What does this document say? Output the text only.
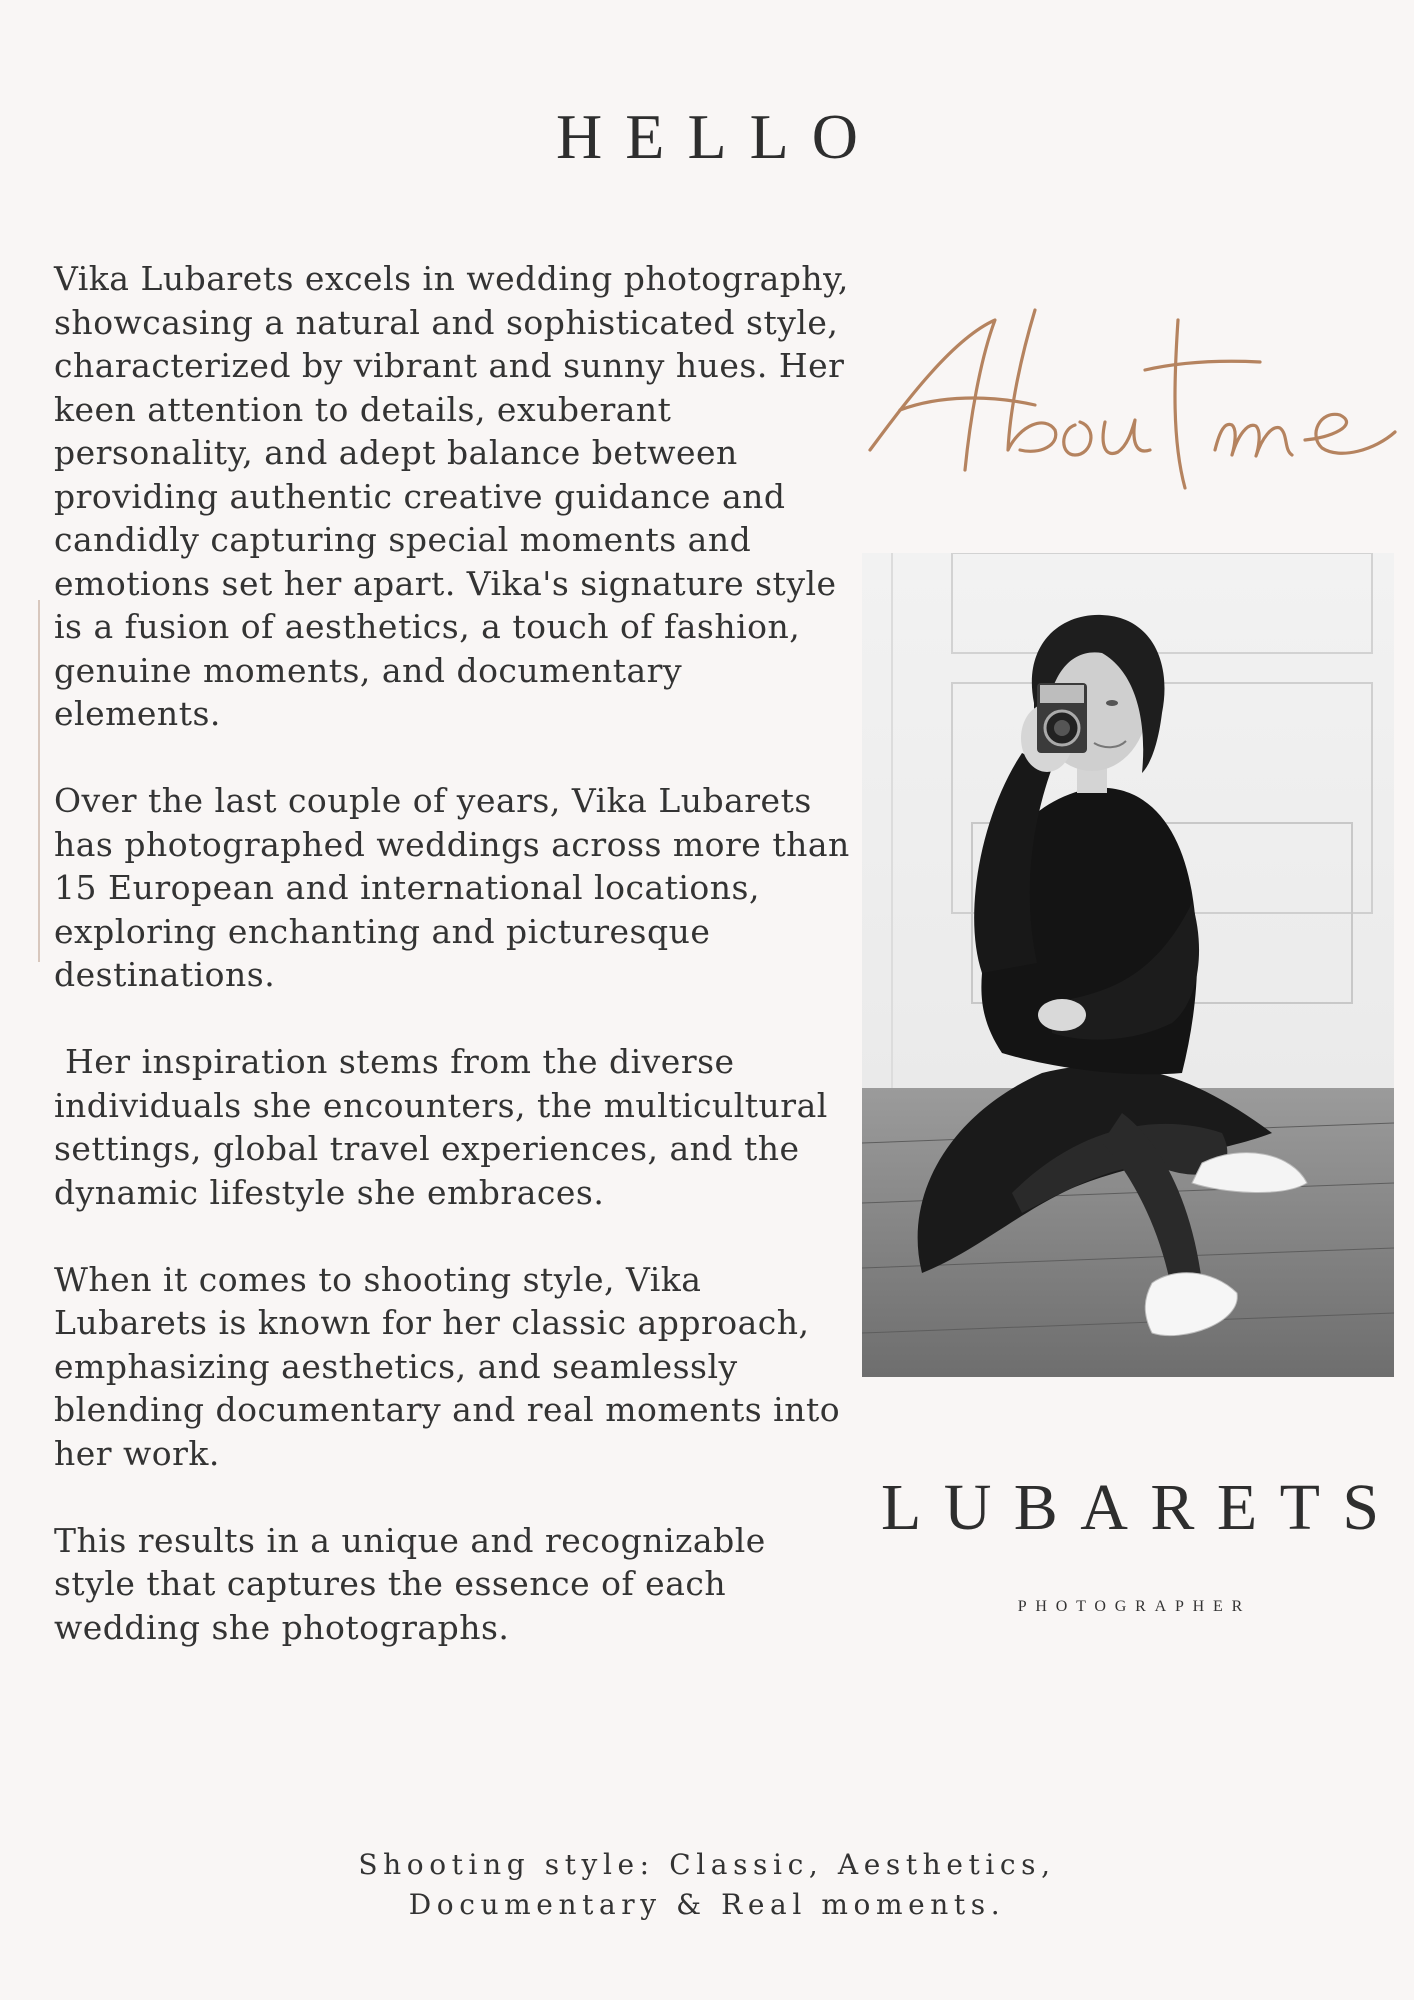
HELLO

Vika Lubarets excels in wedding photography, showcasing a natural and sophisticated style, characterized by vibrant and sunny hues. Her keen attention to details, exuberant personality, and adept balance between providing authentic creative guidance and candidly capturing special moments and emotions set her apart. Vika's signature style is a fusion of aesthetics, a touch of fashion, genuine moments, and documentary elements.

Over the last couple of years, Vika Lubarets has photographed weddings across more than 15 European and international locations, exploring enchanting and picturesque destinations.

Her inspiration stems from the diverse individuals she encounters, the multicultural settings, global travel experiences, and the dynamic lifestyle she embraces.

When it comes to shooting style, Vika Lubarets is known for her classic approach, emphasizing aesthetics, and seamlessly blending documentary and real moments into her work.

This results in a unique and recognizable style that captures the essence of each wedding she photographs.

LUBARETS
PHOTOGRAPHER
Shooting style: Classic, Aesthetics,
Documentary & Real moments.
